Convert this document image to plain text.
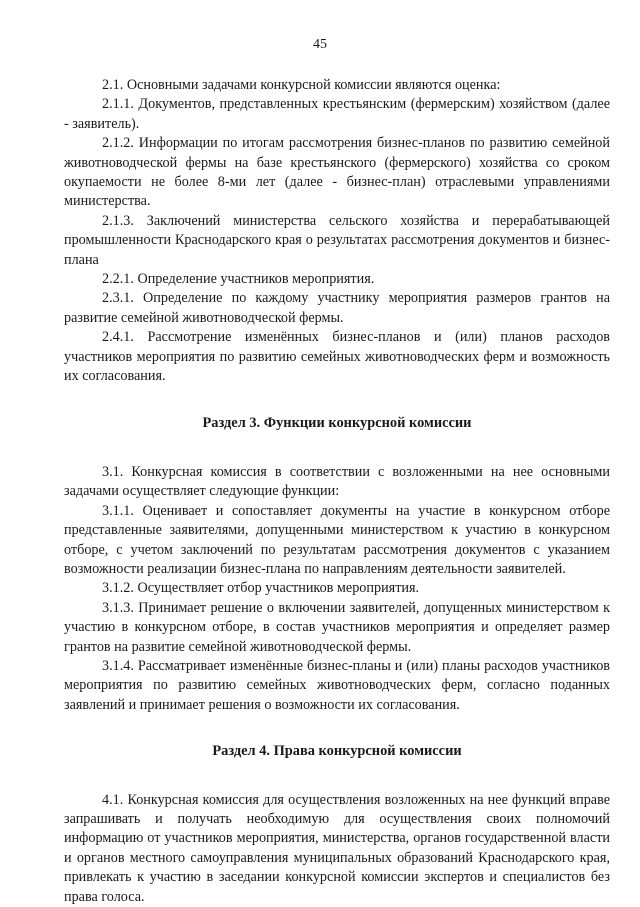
45

2.1. Основными задачами конкурсной комиссии являются оценка:

2.1.1. Документов, представленных крестьянским (фермерским) хозяйством (далее - заявитель).

2.1.2. Информации по итогам рассмотрения бизнес-планов по развитию семейной животноводческой фермы на базе крестьянского (фермерского) хозяйства со сроком окупаемости не более 8-ми лет (далее - бизнес-план) отраслевыми управлениями министерства.

2.1.3. Заключений министерства сельского хозяйства и перерабатывающей промышленности Краснодарского края о результатах рассмотрения документов и бизнес-плана

2.2.1. Определение участников мероприятия.

2.3.1. Определение по каждому участнику мероприятия размеров грантов на развитие семейной животноводческой фермы.

2.4.1. Рассмотрение изменённых бизнес-планов и (или) планов расходов участников мероприятия по развитию семейных животноводческих ферм и возможность их согласования.

Раздел 3. Функции конкурсной комиссии

3.1. Конкурсная комиссия в соответствии с возложенными на нее основными задачами осуществляет следующие функции:

3.1.1. Оценивает и сопоставляет документы на участие в конкурсном отборе представленные заявителями, допущенными министерством к участию в конкурсном отборе, с учетом заключений по результатам рассмотрения документов с указанием возможности реализации бизнес-плана по направлениям деятельности заявителей.

3.1.2. Осуществляет отбор участников мероприятия.

3.1.3. Принимает решение о включении заявителей, допущенных министерством к участию в конкурсном отборе, в состав участников мероприятия и определяет размер грантов на развитие семейной животноводческой фермы.

3.1.4. Рассматривает изменённые бизнес-планы и (или) планы расходов участников мероприятия по развитию семейных животноводческих ферм, согласно поданных заявлений и принимает решения о возможности их согласования.

Раздел 4. Права конкурсной комиссии

4.1. Конкурсная комиссия для осуществления возложенных на нее функций вправе запрашивать и получать необходимую для осуществления своих полномочий информацию от участников мероприятия, министерства, органов государственной власти и органов местного самоуправления муниципальных образований Краснодарского края, привлекать к участию в заседании конкурсной комиссии экспертов и специалистов без права голоса.
